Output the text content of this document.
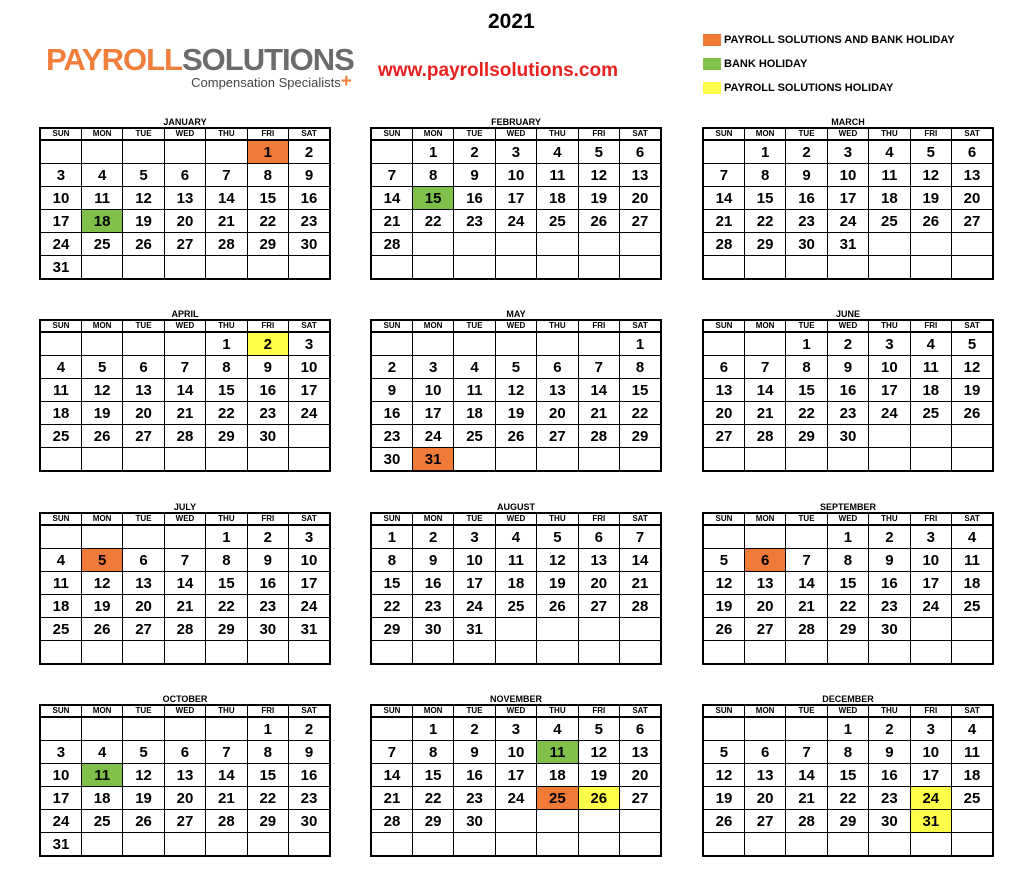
2021
PAYROLLSOLUTIONS
Compensation Specialists+
www.payrollsolutions.com
PAYROLL SOLUTIONS AND BANK HOLIDAY
BANK HOLIDAY
PAYROLL SOLUTIONS HOLIDAY
JANUARY
SUN	MON	TUE	WED	THU	FRI	SAT
					1	2
3	4	5	6	7	8	9
10	11	12	13	14	15	16
17	18	19	20	21	22	23
24	25	26	27	28	29	30
31						
FEBRUARY
SUN	MON	TUE	WED	THU	FRI	SAT
	1	2	3	4	5	6
7	8	9	10	11	12	13
14	15	16	17	18	19	20
21	22	23	24	25	26	27
28						

MARCH
SUN	MON	TUE	WED	THU	FRI	SAT
	1	2	3	4	5	6
7	8	9	10	11	12	13
14	15	16	17	18	19	20
21	22	23	24	25	26	27
28	29	30	31			

APRIL
SUN	MON	TUE	WED	THU	FRI	SAT
				1	2	3
4	5	6	7	8	9	10
11	12	13	14	15	16	17
18	19	20	21	22	23	24
25	26	27	28	29	30	

MAY
SUN	MON	TUE	WED	THU	FRI	SAT
						1
2	3	4	5	6	7	8
9	10	11	12	13	14	15
16	17	18	19	20	21	22
23	24	25	26	27	28	29
30	31					
JUNE
SUN	MON	TUE	WED	THU	FRI	SAT
		1	2	3	4	5
6	7	8	9	10	11	12
13	14	15	16	17	18	19
20	21	22	23	24	25	26
27	28	29	30			

JULY
SUN	MON	TUE	WED	THU	FRI	SAT
				1	2	3
4	5	6	7	8	9	10
11	12	13	14	15	16	17
18	19	20	21	22	23	24
25	26	27	28	29	30	31

AUGUST
SUN	MON	TUE	WED	THU	FRI	SAT
1	2	3	4	5	6	7
8	9	10	11	12	13	14
15	16	17	18	19	20	21
22	23	24	25	26	27	28
29	30	31				

SEPTEMBER
SUN	MON	TUE	WED	THU	FRI	SAT
			1	2	3	4
5	6	7	8	9	10	11
12	13	14	15	16	17	18
19	20	21	22	23	24	25
26	27	28	29	30		

OCTOBER
SUN	MON	TUE	WED	THU	FRI	SAT
					1	2
3	4	5	6	7	8	9
10	11	12	13	14	15	16
17	18	19	20	21	22	23
24	25	26	27	28	29	30
31						
NOVEMBER
SUN	MON	TUE	WED	THU	FRI	SAT
	1	2	3	4	5	6
7	8	9	10	11	12	13
14	15	16	17	18	19	20
21	22	23	24	25	26	27
28	29	30				

DECEMBER
SUN	MON	TUE	WED	THU	FRI	SAT
			1	2	3	4
5	6	7	8	9	10	11
12	13	14	15	16	17	18
19	20	21	22	23	24	25
26	27	28	29	30	31	
